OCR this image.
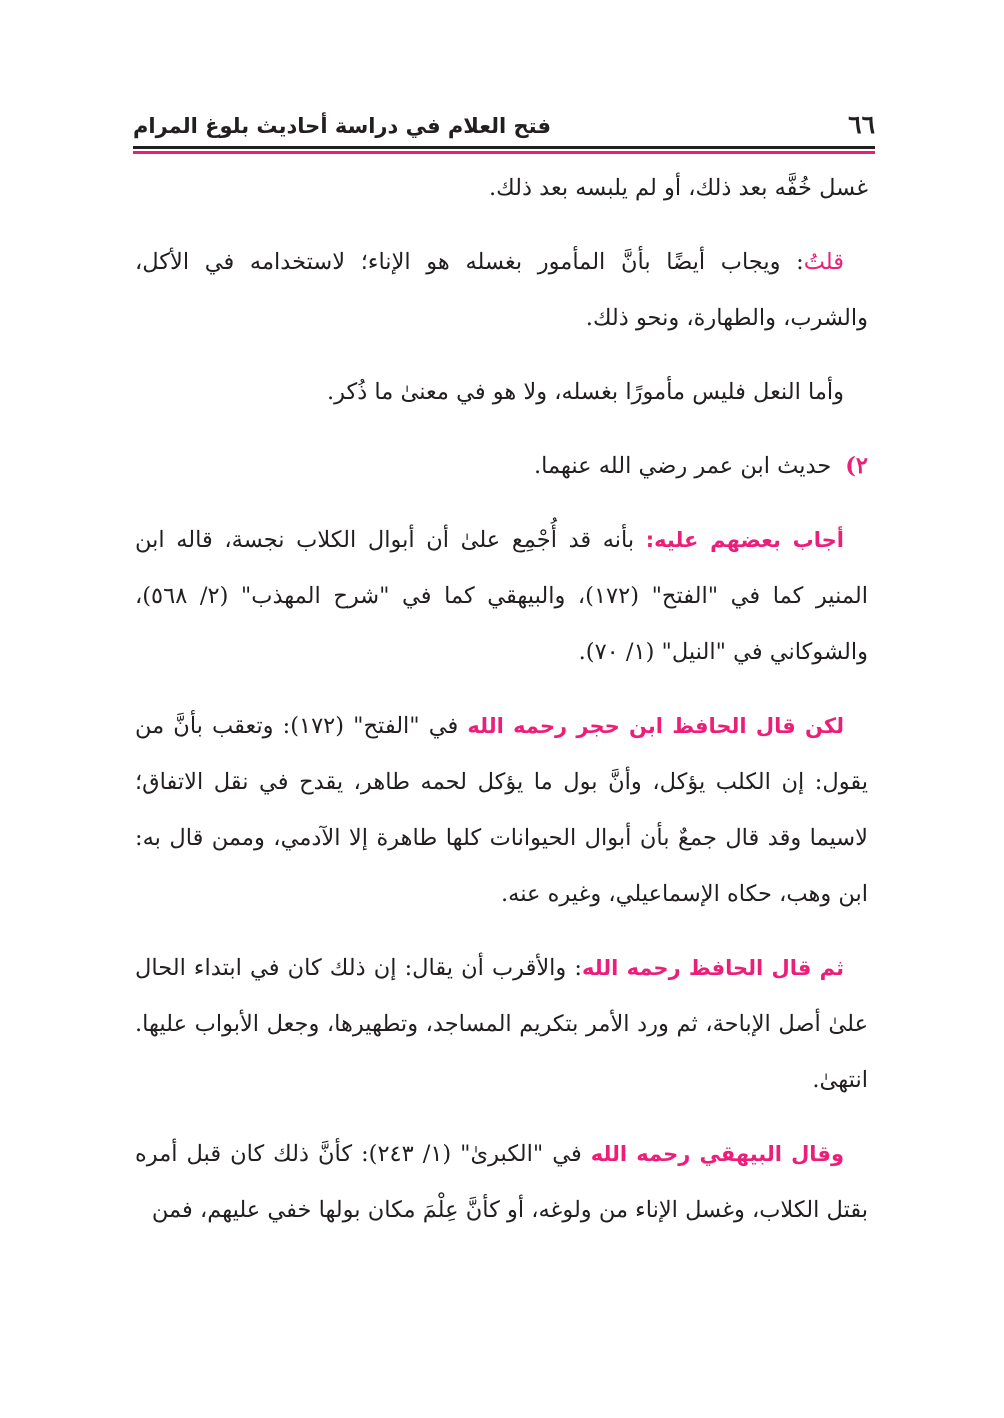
٦٦
فتح العلام في دراسة أحاديث بلوغ المرام

غسل خُفَّه بعد ذلك، أو لم يلبسه بعد ذلك.

قلتُ: ويجاب أيضًا بأنَّ المأمور بغسله هو الإناء؛ لاستخدامه في الأكل، والشرب، والطهارة، ونحو ذلك.

وأما النعل فليس مأمورًا بغسله، ولا هو في معنىٰ ما ذُكر.

٢)حديث ابن عمر رضي الله عنهما.

أجاب بعضهم عليه: بأنه قد أُجْمِع علىٰ أن أبوال الكلاب نجسة، قاله ابن المنير كما في "الفتح" (١٧٢)، والبيهقي كما في "شرح المهذب" (٢/ ٥٦٨)، والشوكاني في "النيل" (١/ ٧٠).

لكن قال الحافظ ابن حجر رحمه الله في "الفتح" (١٧٢): وتعقب بأنَّ من يقول: إن الكلب يؤكل، وأنَّ بول ما يؤكل لحمه طاهر، يقدح في نقل الاتفاق؛ لاسيما وقد قال جمعٌ بأن أبوال الحيوانات كلها طاهرة إلا الآدمي، وممن قال به: ابن وهب، حكاه الإسماعيلي، وغيره عنه.

ثم قال الحافظ رحمه الله: والأقرب أن يقال: إن ذلك كان في ابتداء الحال علىٰ أصل الإباحة، ثم ورد الأمر بتكريم المساجد، وتطهيرها، وجعل الأبواب عليها. انتهىٰ.

وقال البيهقي رحمه الله في "الكبرىٰ" (١/ ٢٤٣): كأنَّ ذلك كان قبل أمره بقتل الكلاب، وغسل الإناء من ولوغه، أو كأنَّ عِلْمَ مكان بولها خفي عليهم، فمن
